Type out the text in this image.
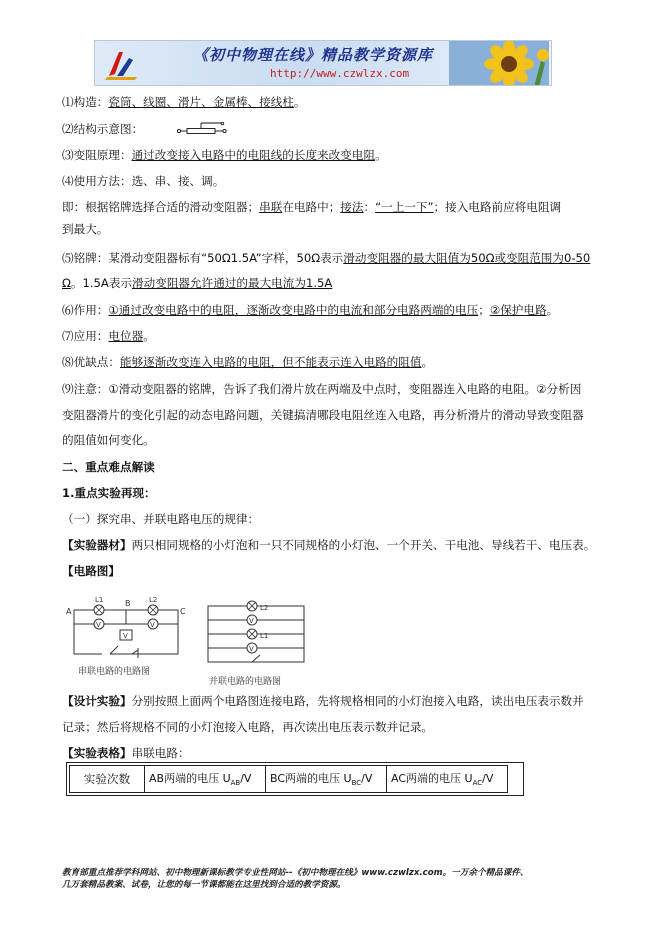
《初中物理在线》精品教学资源库
http://www.czwlzx.com
⑴构造：瓷筒、线圈、滑片、金属棒、接线柱。
⑵结构示意图：
⑶变阻原理：通过改变接入电路中的电阻线的长度来改变电阻。
⑷使用方法：选、串、接、调。
即：根据铭牌选择合适的滑动变阻器；串联在电路中；接法：“一上一下”；接入电路前应将电阻调
到最大。
⑸铭牌：某滑动变阻器标有“50Ω1.5A”字样，50Ω表示滑动变阻器的最大阻值为50Ω或变阻范围为0-50
Ω。1.5A表示滑动变阻器允许通过的最大电流为1.5A
⑹作用：①通过改变电路中的电阻，逐渐改变电路中的电流和部分电路两端的电压；②保护电路。
⑺应用：电位器。
⑻优缺点：能够逐渐改变连入电路的电阻，但不能表示连入电路的阻值。
⑼注意：①滑动变阻器的铭牌，告诉了我们滑片放在两端及中点时，变阻器连入电路的电阻。②分析因
变阻器滑片的变化引起的动态电路问题，关键搞清哪段电阻丝连入电路，再分析滑片的滑动导致变阻器
的阻值如何变化。
二、重点难点解读
1.重点实验再现：
（一）探究串、并联电路电压的规律：
【实验器材】两只相同规格的小灯泡和一只不同规格的小灯泡、一个开关、干电池、导线若干、电压表。
【电路图】
V	V
V
A
B
C
L1	L2
串联电路的电路图
V
V
L2
L1
并联电路的电路图
【设计实验】分别按照上面两个电路图连接电路，先将规格相同的小灯泡接入电路，读出电压表示数并
记录；然后将规格不同的小灯泡接入电路，再次读出电压表示数并记录。
【实验表格】串联电路：
实验次数	AB两端的电压 $U_{AB}/V$	BC两端的电压 $U_{BC}/V$	AC两端的电压 $U_{AC}/V$
教育部重点推荐学科网站、初中物理新课标教学专业性网站--《初中物理在线》www.czwlzx.com。一万余个精品课件、
几万套精品教案、试卷，让您的每一节课都能在这里找到合适的教学资源。
